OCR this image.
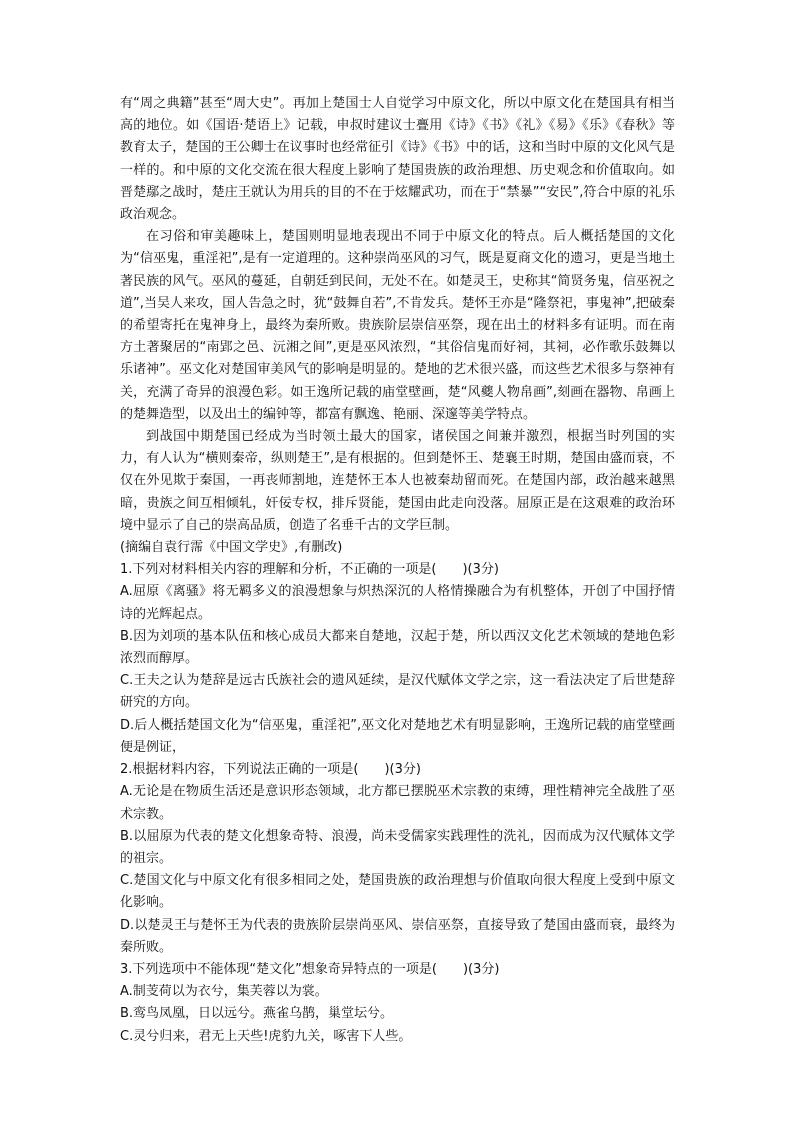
有“周之典籍”甚至“周大史”。再加上楚国士人自觉学习中原文化，所以中原文化在楚国具有相当高的地位。如《国语·楚语上》记载，申叔时建议士亹用《诗》《书》《礼》《易》《乐》《春秋》等教育太子，楚国的王公卿士在议事时也经常征引《诗》《书》中的话，这和当时中原的文化风气是一样的。和中原的文化交流在很大程度上影响了楚国贵族的政治理想、历史观念和价值取向。如晋楚鄢之战时，楚庄王就认为用兵的目的不在于炫耀武功，而在于“禁暴”“安民”,符合中原的礼乐政治观念。

在习俗和审美趣味上，楚国则明显地表现出不同于中原文化的特点。后人概括楚国的文化为“信巫鬼，重淫祀”,是有一定道理的。这种崇尚巫风的习气，既是夏商文化的遗习，更是当地土著民族的风气。巫风的蔓延，自朝廷到民间，无处不在。如楚灵王，史称其“简贤务鬼，信巫祝之道”,当吴人来攻，国人告急之时，犹“鼓舞自若”,不肯发兵。楚怀王亦是“隆祭祀，事鬼神”,把破秦的希望寄托在鬼神身上，最终为秦所败。贵族阶层崇信巫祭，现在出土的材料多有证明。而在南方土著聚居的“南郢之邑、沅湘之间”,更是巫风浓烈，“其俗信鬼而好祠，其祠，必作歌乐鼓舞以乐诸神”。巫文化对楚国审美风气的影响是明显的。楚地的艺术很兴盛，而这些艺术很多与祭神有关，充满了奇异的浪漫色彩。如王逸所记载的庙堂壁画，楚“风夔人物帛画”,刻画在器物、帛画上的楚舞造型，以及出土的编钟等，都富有飘逸、艳丽、深邃等美学特点。

到战国中期楚国已经成为当时领土最大的国家，诸侯国之间兼并激烈，根据当时列国的实力，有人认为“横则秦帝，纵则楚王”,是有根据的。但到楚怀王、楚襄王时期，楚国由盛而衰，不仅在外见欺于秦国，一再丧师割地，连楚怀王本人也被秦劫留而死。在楚国内部，政治越来越黑暗，贵族之间互相倾轧，奸佞专权，排斥贤能，楚国由此走向没落。屈原正是在这艰难的政治环境中显示了自己的崇高品质，创造了名垂千古的文学巨制。

(摘编自袁行霈《中国文学史》,有删改)

1.下列对材料相关内容的理解和分析，不正确的一项是(　　)(3分)

A.屈原《离骚》将无羁多义的浪漫想象与炽热深沉的人格情操融合为有机整体，开创了中国抒情诗的光辉起点。

B.因为刘项的基本队伍和核心成员大都来自楚地，汉起于楚，所以西汉文化艺术领域的楚地色彩浓烈而醇厚。

C.王夫之认为楚辞是远古氏族社会的遗风延续，是汉代赋体文学之宗，这一看法决定了后世楚辞研究的方向。

D.后人概括楚国文化为“信巫鬼，重淫祀”,巫文化对楚地艺术有明显影响，王逸所记载的庙堂壁画便是例证，

2.根据材料内容，下列说法正确的一项是(　　)(3分)

A.无论是在物质生活还是意识形态领域，北方都已摆脱巫术宗教的束缚，理性精神完全战胜了巫术宗教。

B.以屈原为代表的楚文化想象奇特、浪漫，尚未受儒家实践理性的洗礼，因而成为汉代赋体文学的祖宗。

C.楚国文化与中原文化有很多相同之处，楚国贵族的政治理想与价值取向很大程度上受到中原文化影响。

D.以楚灵王与楚怀王为代表的贵族阶层崇尚巫风、崇信巫祭，直接导致了楚国由盛而衰，最终为秦所败。

3.下列选项中不能体现“楚文化”想象奇异特点的一项是(　　)(3分)

A.制芰荷以为衣兮，集芙蓉以为裳。

B.鸾鸟凤凰，日以远兮。燕雀乌鹊，巢堂坛兮。

C.灵兮归来，君无上天些!虎豹九关，啄害下人些。
